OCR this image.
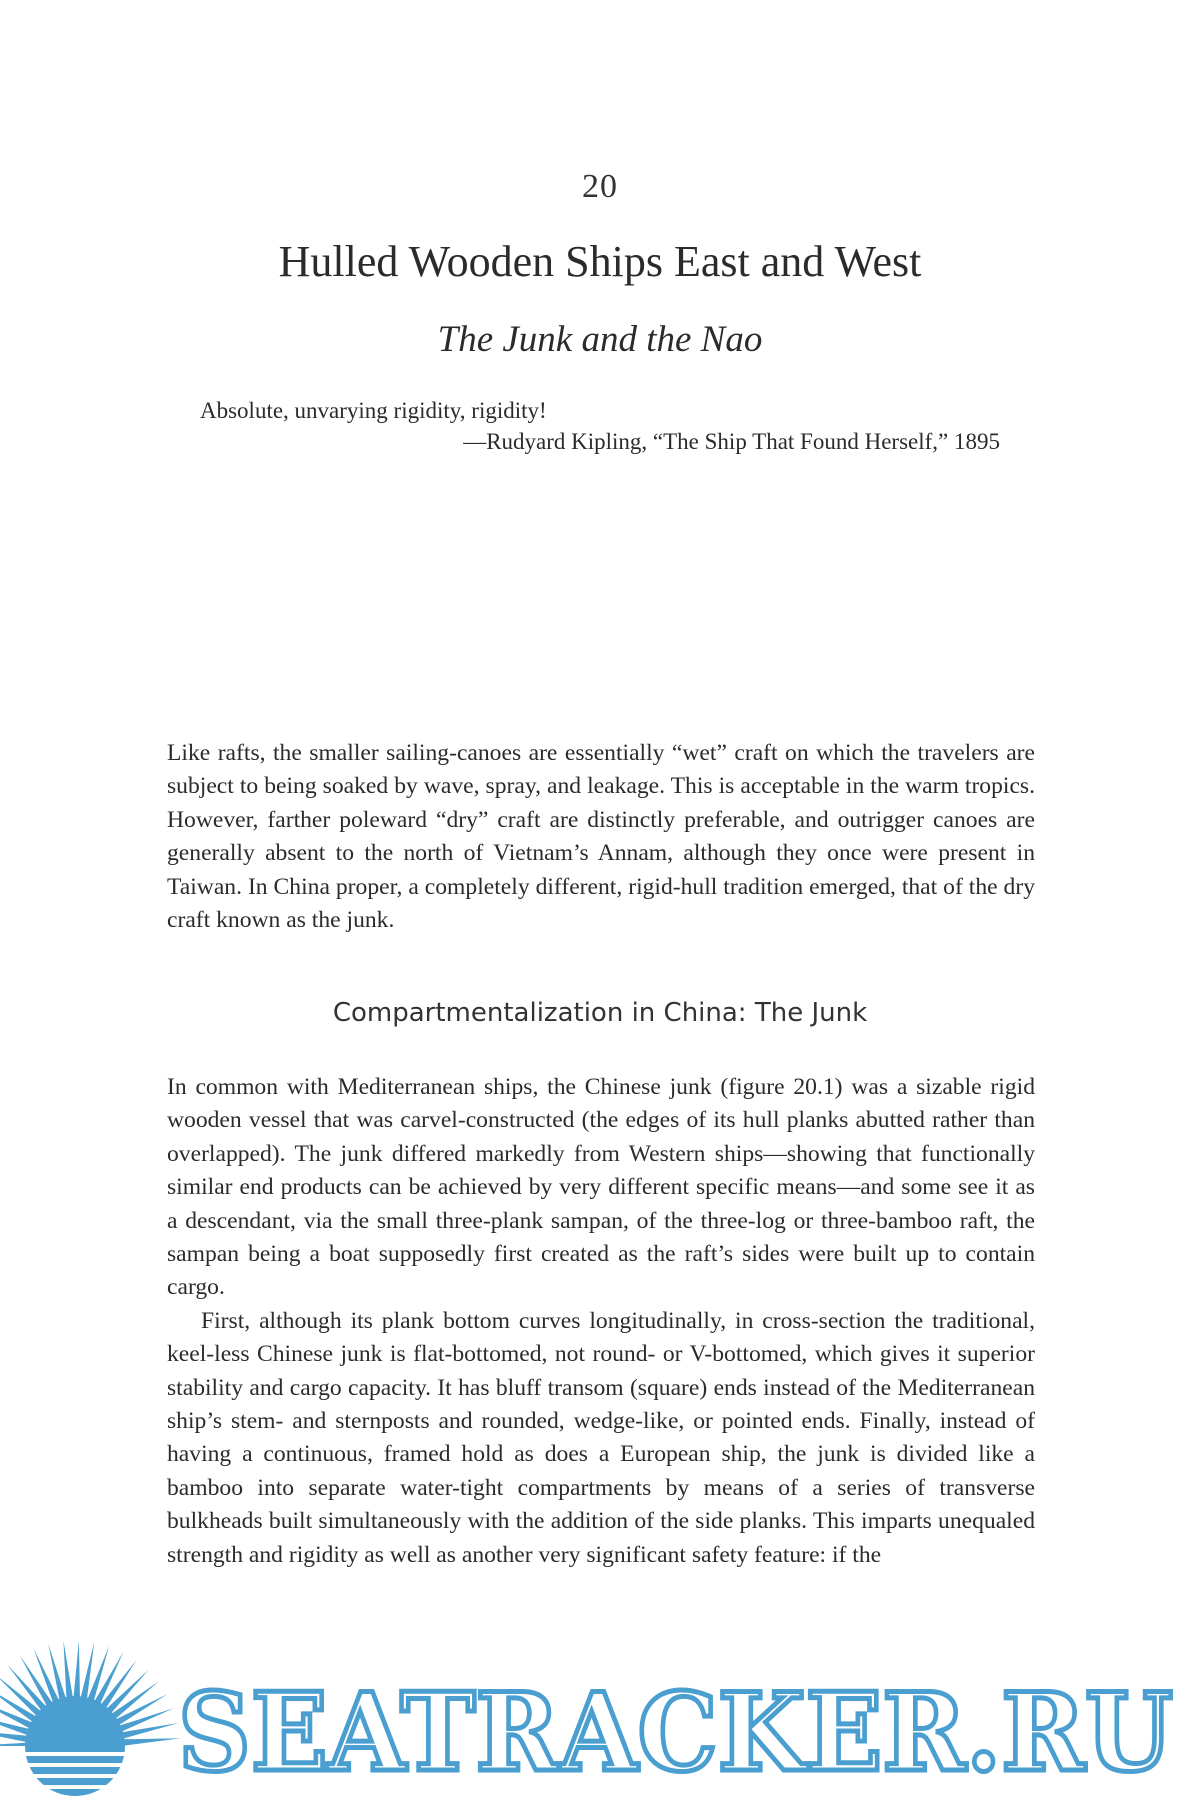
20
Hulled Wooden Ships East and West
The Junk and the Nao
Absolute, unvarying rigidity, rigidity!
—Rudyard Kipling, “The Ship That Found Herself,” 1895

Like rafts, the smaller sailing-canoes are essentially “wet” craft on which the travelers are subject to being soaked by wave, spray, and leakage. This is acceptable in the warm tropics. However, farther poleward “dry” craft are distinctly preferable, and outrigger canoes are generally absent to the north of Vietnam’s Annam, although they once were present in Taiwan. In China proper, a completely different, rigid-hull tradition emerged, that of the dry craft known as the junk.

Compartmentalization in China: The Junk

In common with Mediterranean ships, the Chinese junk (figure 20.1) was a sizable rigid wooden vessel that was carvel-constructed (the edges of its hull planks abutted rather than overlapped). The junk differed markedly from Western ships—showing that functionally similar end products can be achieved by very different specific means—and some see it as a descendant, via the small three-plank sampan, of the three-log or three-bamboo raft, the sampan being a boat supposedly first created as the raft’s sides were built up to contain cargo.

First, although its plank bottom curves longitudinally, in cross-section the traditional, keel-less Chinese junk is flat-bottomed, not round- or V-bottomed, which gives it superior stability and cargo capacity. It has bluff transom (square) ends instead of the Mediterranean ship’s stem- and sternposts and rounded, wedge-like, or pointed ends. Finally, instead of having a continuous, framed hold as does a European ship, the junk is divided like a bamboo into separate water-tight compartments by means of a series of transverse bulkheads built simultaneously with the addition of the side planks. This imparts unequaled strength and rigidity as well as another very significant safety feature: if the

SEATRACKER.RU
